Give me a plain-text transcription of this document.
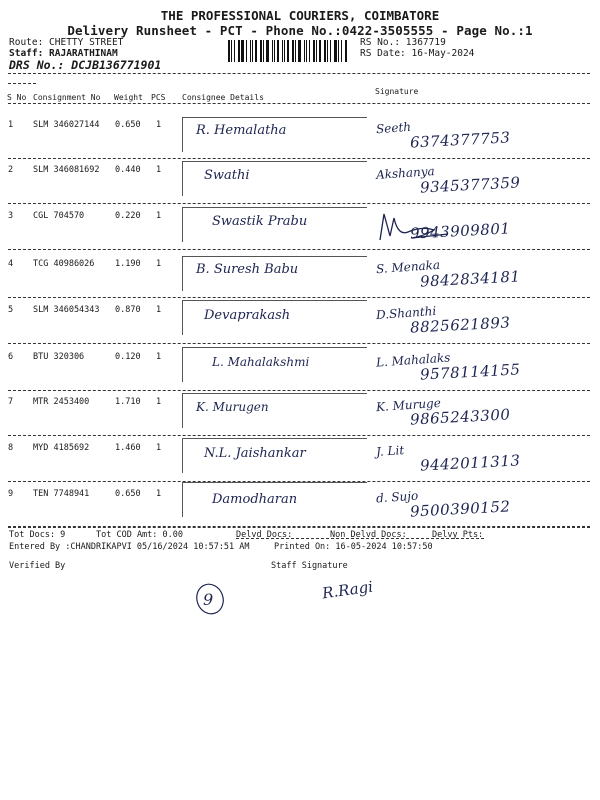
THE PROFESSIONAL COURIERS, COIMBATORE
Delivery Runsheet - PCT - Phone No.:0422-3505555 - Page No.:1
Route: CHETTY STREET
Staff: RAJARATHINAM
DRS No.: DCJB136771901
RS No.: 1367719
RS Date: 16-May-2024
S No Consignment No Weight PCS Consignee Details
Signature
1 SLM 346027144 0.650 1	R. Hemalatha	Seeth
6374377753
2 SLM 346081692 0.440 1	Swathi	Akshanya
9345377359
3 CGL 704570	0.220 1	Swastik Prabu	9943909801
4 TCG 40986026 1.190 1	B. Suresh Babu	S. Menaka
9842834181
5 SLM 346054343 0.870 1	Devaprakash	D.Shanthi
8825621893
6 BTU 320306	0.120 1	L. Mahalakshmi	L. Mahalaks
9578114155
7 MTR 2453400	1.710 1	K. Murugen	K. Muruge
9865243300
8 MYD 4185692	1.460 1	N.L. Jaishankar	J. Lit
9442011313
9 TEN 7748941	0.650 1	Damodharan	d. Sujo
9500390152
Tot Docs: 9	Tot COD Amt: 0.00	Delvd Docs:	Non Delvd Docs:	Delvy Pts:
Entered By :CHANDRIKAPVI 05/16/2024 10:57:51 AM	Printed On: 16-05-2024 10:57:50
Verified By	Staff Signature
9	R.Ragi
